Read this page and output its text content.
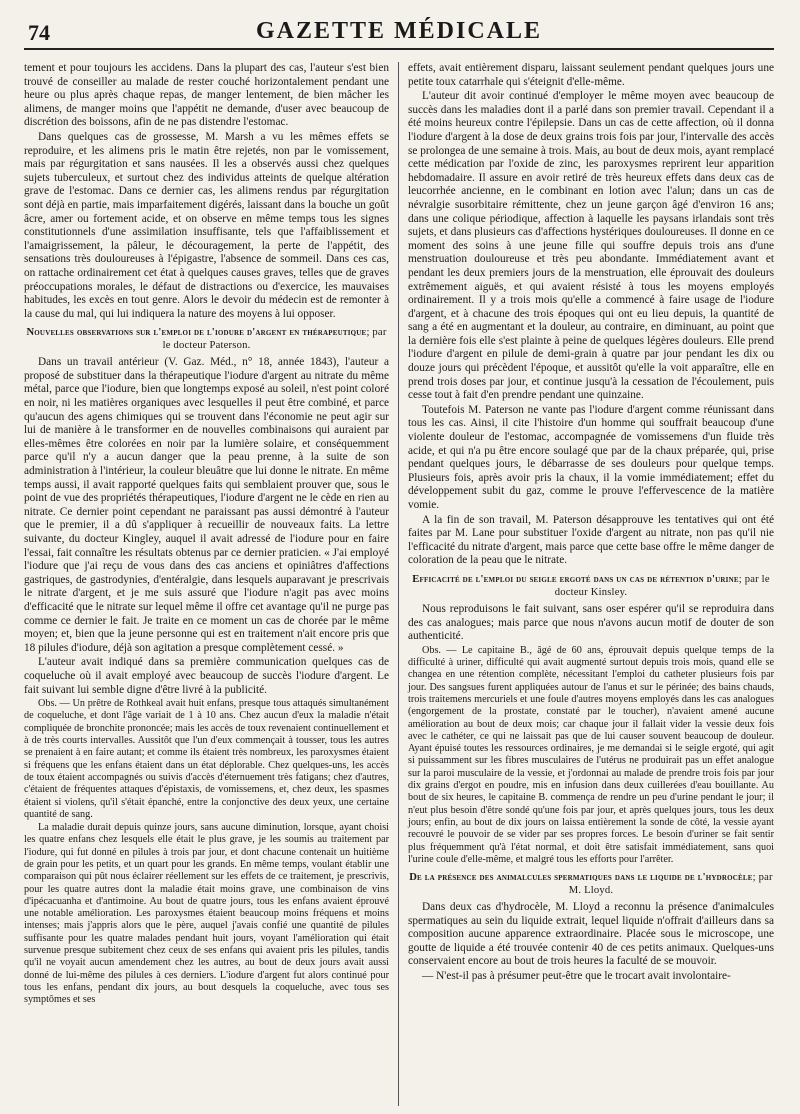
74	GAZETTE MÉDICALE

tement et pour toujours les accidens. Dans la plupart des cas, l'auteur s'est bien trouvé de conseiller au malade de rester couché horizontalement pendant une heure ou plus après chaque repas, de manger lentement, de bien mâcher les alimens, de manger moins que l'appétit ne demande, d'user avec beaucoup de discrétion des boissons, afin de ne pas distendre l'estomac.

Dans quelques cas de grossesse, M. Marsh a vu les mêmes effets se reproduire, et les alimens pris le matin être rejetés, non par le vomissement, mais par régurgitation et sans nausées. Il les a observés aussi chez quelques sujets tuberculeux, et surtout chez des individus atteints de quelque altération grave de l'estomac. Dans ce dernier cas, les alimens rendus par régurgitation sont déjà en partie, mais imparfaitement digérés, laissant dans la bouche un goût âcre, amer ou fortement acide, et on observe en même temps tous les signes constitutionnels d'une assimilation insuffisante, tels que l'affaiblissement et l'amaigrissement, la pâleur, le découragement, la perte de l'appétit, des sensations très douloureuses à l'épigastre, l'absence de sommeil. Dans ces cas, on rattache ordinairement cet état à quelques causes graves, telles que de graves préoccupations morales, le défaut de distractions ou d'exercice, les mauvaises habitudes, les excès en tout genre. Alors le devoir du médecin est de remonter à la cause du mal, qui lui indiquera la nature des moyens à lui opposer.

Nouvelles observations sur l'emploi de l'iodure d'argent en thérapeutique; par le docteur Paterson.

Dans un travail antérieur (V. Gaz. Méd., n° 18, année 1843), l'auteur a proposé de substituer dans la thérapeutique l'iodure d'argent au nitrate du même métal, parce que l'iodure, bien que longtemps exposé au soleil, n'est point coloré en noir, ni les matières organiques avec lesquelles il peut être combiné, et parce qu'aucun des agens chimiques qui se trouvent dans l'économie ne peut agir sur lui de manière à le transformer en de nouvelles combinaisons qui auraient par elles-mêmes être colorées en noir par la lumière solaire, et conséquemment parce qu'il n'y a aucun danger que la peau prenne, à la suite de son administration à l'intérieur, la couleur bleuâtre que lui donne le nitrate. En même temps aussi, il avait rapporté quelques faits qui semblaient prouver que, sous le point de vue des propriétés thérapeutiques, l'iodure d'argent ne le cède en rien au nitrate. Ce dernier point cependant ne paraissant pas aussi démontré à l'auteur que le premier, il a dû s'appliquer à recueillir de nouveaux faits. La lettre suivante, du docteur Kingley, auquel il avait adressé de l'iodure pour en faire l'essai, fait connaître les résultats obtenus par ce dernier praticien. « J'ai employé l'iodure que j'ai reçu de vous dans des cas anciens et opiniâtres d'affections gastriques, de gastrodynies, d'entéralgie, dans lesquels auparavant je prescrivais le nitrate d'argent, et je me suis assuré que l'iodure n'agit pas avec moins d'efficacité que le nitrate sur lequel même il offre cet avantage qu'il ne purge pas comme ce dernier le fait. Je traite en ce moment un cas de chorée par le même moyen; et, bien que la jeune personne qui est en traitement n'ait encore pris que 18 pilules d'iodure, déjà son agitation a presque complètement cessé. »

L'auteur avait indiqué dans sa première communication quelques cas de coqueluche où il avait employé avec beaucoup de succès l'iodure d'argent. Le fait suivant lui semble digne d'être livré à la publicité.

Obs. — Un prêtre de Rothkeal avait huit enfans, presque tous attaqués simultanément de coqueluche, et dont l'âge variait de 1 à 10 ans. Chez aucun d'eux la maladie n'était compliquée de bronchite prononcée; mais les accès de toux revenaient continuellement et à de très courts intervalles. Aussitôt que l'un d'eux commençait à tousser, tous les autres se prenaient à en faire autant; et comme ils étaient très nombreux, les paroxysmes étaient si fréquens que les enfans étaient dans un état déplorable. Chez quelques-uns, les accès de toux étaient accompagnés ou suivis d'accès d'éternuement très fatigans; chez d'autres, c'étaient de fréquentes attaques d'épistaxis, de vomissemens, et, chez deux, les spasmes étaient si violens, qu'il s'était épanché, entre la conjonctive des deux yeux, une certaine quantité de sang.

La maladie durait depuis quinze jours, sans aucune diminution, lorsque, ayant choisi les quatre enfans chez lesquels elle était le plus grave, je les soumis au traitement par l'iodure, qui fut donné en pilules à trois par jour, et dont chacune contenait un huitième de grain pour les petits, et un quart pour les grands. En même temps, voulant établir une comparaison qui pût nous éclairer réellement sur les effets de ce traitement, je prescrivis, pour les quatre autres dont la maladie était moins grave, une combinaison de vins d'ipécacuanha et d'antimoine. Au bout de quatre jours, tous les enfans avaient éprouvé une notable amélioration. Les paroxysmes étaient beaucoup moins fréquens et moins intenses; mais j'appris alors que le père, auquel j'avais confié une quantité de pilules suffisante pour les quatre malades pendant huit jours, voyant l'amélioration qui était survenue presque subitement chez ceux de ses enfans qui avaient pris les pilules, tandis qu'il ne voyait aucun amendement chez les autres, au bout de deux jours avait aussi donné de lui-même des pilules à ces derniers. L'iodure d'argent fut alors continué pour tous les enfans, pendant dix jours, au bout desquels la coqueluche, avec tous ses symptômes et ses

effets, avait entièrement disparu, laissant seulement pendant quelques jours une petite toux catarrhale qui s'éteignit d'elle-même.

L'auteur dit avoir continué d'employer le même moyen avec beaucoup de succès dans les maladies dont il a parlé dans son premier travail. Cependant il a été moins heureux contre l'épilepsie. Dans un cas de cette affection, où il donna l'iodure d'argent à la dose de deux grains trois fois par jour, l'intervalle des accès se prolongea de une semaine à trois. Mais, au bout de deux mois, ayant remplacé cette médication par l'oxide de zinc, les paroxysmes reprirent leur apparition hebdomadaire. Il assure en avoir retiré de très heureux effets dans deux cas de leucorrhée ancienne, en le combinant en lotion avec l'alun; dans un cas de névralgie susorbitaire rémittente, chez un jeune garçon âgé d'environ 16 ans; dans une colique périodique, affection à laquelle les paysans irlandais sont très sujets, et dans plusieurs cas d'affections hystériques douloureuses. Il donne en ce moment des soins à une jeune fille qui souffre depuis trois ans d'une menstruation douloureuse et très peu abondante. Immédiatement avant et pendant les deux premiers jours de la menstruation, elle éprouvait des douleurs extrêmement aiguës, et qui avaient résisté à tous les moyens employés ordinairement. Il y a trois mois qu'elle a commencé à faire usage de l'iodure d'argent, et à chacune des trois époques qui ont eu lieu depuis, la quantité de sang a été en augmentant et la douleur, au contraire, en diminuant, au point que la dernière fois elle s'est plainte à peine de quelques légères douleurs. Elle prend l'iodure d'argent en pilule de demi-grain à quatre par jour pendant les dix ou douze jours qui précèdent l'époque, et aussitôt qu'elle la voit apparaître, elle en prend trois doses par jour, et continue jusqu'à la cessation de l'écoulement, puis cesse tout à fait d'en prendre pendant une quinzaine.

Toutefois M. Paterson ne vante pas l'iodure d'argent comme réunissant dans tous les cas. Ainsi, il cite l'histoire d'un homme qui souffrait beaucoup d'une violente douleur de l'estomac, accompagnée de vomissemens d'un fluide très acide, et qui n'a pu être encore soulagé que par de la chaux préparée, qui, prise pendant quelques jours, le débarrasse de ses douleurs pour quelque temps. Plusieurs fois, après avoir pris la chaux, il la vomie immédiatement; effet du développement subit du gaz, comme le prouve l'effervescence de la matière vomie.

A la fin de son travail, M. Paterson désapprouve les tentatives qui ont été faites par M. Lane pour substituer l'oxide d'argent au nitrate, non pas qu'il nie l'efficacité du nitrate d'argent, mais parce que cette base offre le même danger de coloration de la peau que le nitrate.

Efficacité de l'emploi du seigle ergoté dans un cas de rétention d'urine; par le docteur Kinsley.

Nous reproduisons le fait suivant, sans oser espérer qu'il se reproduira dans des cas analogues; mais parce que nous n'avons aucun motif de douter de son authenticité.

Obs. — Le capitaine B., âgé de 60 ans, éprouvait depuis quelque temps de la difficulté à uriner, difficulté qui avait augmenté surtout depuis trois mois, quand elle se changea en une rétention complète, nécessitant l'emploi du catheter plusieurs fois par jour. Des sangsues furent appliquées autour de l'anus et sur le périnée; des bains chauds, trois traitemens mercuriels et une foule d'autres moyens employés dans les cas analogues (engorgement de la prostate, constaté par le toucher), n'avaient amené aucune amélioration au bout de deux mois; car chaque jour il fallait vider la vessie deux fois avec le cathéter, ce qui ne laissait pas que de lui causer souvent beaucoup de douleur. Ayant épuisé toutes les ressources ordinaires, je me demandai si le seigle ergoté, qui agit si puissamment sur les fibres musculaires de l'utérus ne produirait pas un effet analogue sur la paroi musculaire de la vessie, et j'ordonnai au malade de prendre trois fois par jour dix grains d'ergot en poudre, mis en infusion dans deux cuillerées d'eau bouillante. Au bout de six heures, le capitaine B. commença de rendre un peu d'urine pendant le jour; il n'eut plus besoin d'être sondé qu'une fois par jour, et après quelques jours, tous les deux jours; enfin, au bout de dix jours on laissa entièrement la sonde de côté, la vessie ayant recouvré le pouvoir de se vider par ses propres forces. Le besoin d'uriner se fait sentir plus fréquemment qu'à l'état normal, et doit être satisfait immédiatement, sans quoi l'urine coule d'elle-même, et malgré tous les efforts pour l'arrêter.

De la présence des animalcules spermatiques dans le liquide de l'hydrocèle; par M. Lloyd.

Dans deux cas d'hydrocèle, M. Lloyd a reconnu la présence d'animalcules spermatiques au sein du liquide extrait, lequel liquide n'offrait d'ailleurs dans sa composition aucune apparence extraordinaire. Placée sous le microscope, une goutte de liquide a été trouvée contenir 40 de ces petits animaux. Quelques-uns conservaient encore au bout de trois heures la faculté de se mouvoir.

— N'est-il pas à présumer peut-être que le trocart avait involontaire-
